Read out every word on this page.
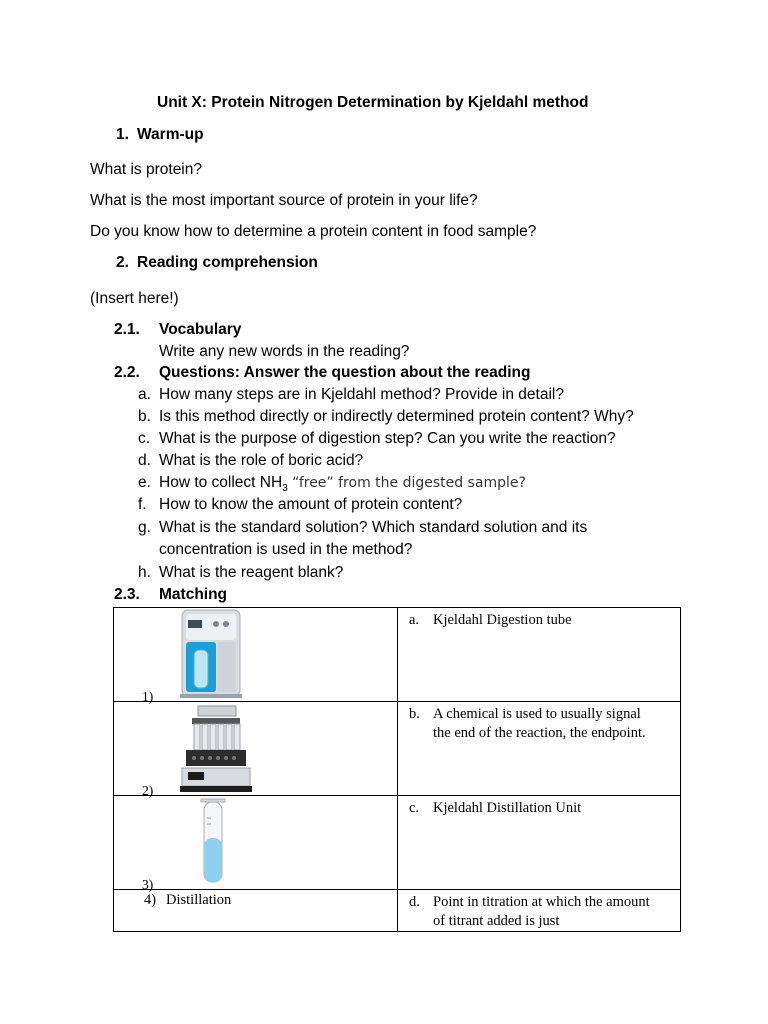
Unit X: Protein Nitrogen Determination by Kjeldahl method
1. Warm-up
What is protein?
What is the most important source of protein in your life?
Do you know how to determine a protein content in food sample?
2. Reading comprehension
(Insert here!)
2.1. Vocabulary
Write any new words in the reading?
2.2. Questions: Answer the question about the reading
a. How many steps are in Kjeldahl method? Provide in detail?
b. Is this method directly or indirectly determined protein content? Why?
c. What is the purpose of digestion step? Can you write the reaction?
d. What is the role of boric acid?
e. How to collect $NH_3$ “free” from the digested sample?
f. How to know the amount of protein content?
g. What is the standard solution? Which standard solution and its
concentration is used in the method?
h. What is the reagent blank?
2.3. Matching
1)	a. Kjeldahl Digestion tube

2)	b. A chemical is used to usually signal the end of the reaction, the endpoint.

3)	c. Kjeldahl Distillation Unit

4) Distillation	d. Point in titration at which the amount of titrant added is just
